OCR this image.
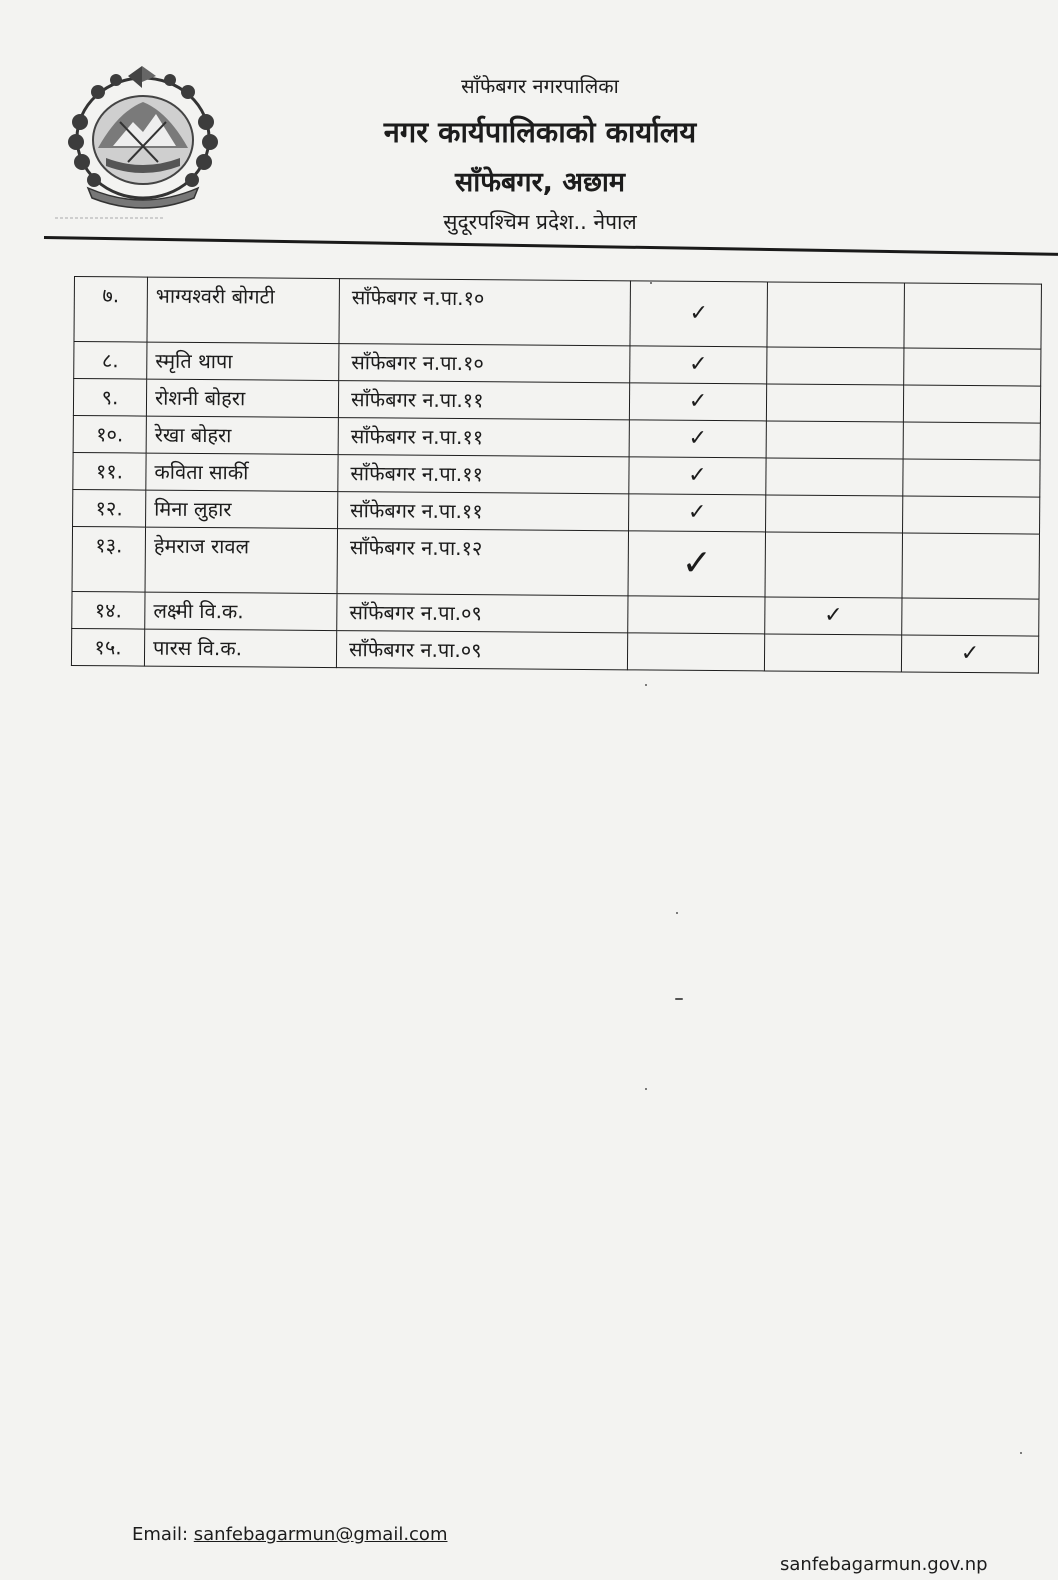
साँफेबगर नगरपालिका
नगर कार्यपालिकाको कार्यालय
साँफेबगर, अछाम
सुदूरपश्चिम प्रदेश.. नेपाल
७.	भाग्यश्वरी बोगटी	साँफेबगर न.पा.१०	✓		
८.	स्मृति थापा	साँफेबगर न.पा.१०	✓		
९.	रोशनी बोहरा	साँफेबगर न.पा.११	✓		
१०.	रेखा बोहरा	साँफेबगर न.पा.११	✓		
११.	कविता सार्की	साँफेबगर न.पा.११	✓		
१२.	मिना लुहार	साँफेबगर न.पा.११	✓		
१३.	हेमराज रावल	साँफेबगर न.पा.१२	✓		
१४.	लक्ष्मी वि.क.	साँफेबगर न.पा.०९		✓	
१५.	पारस वि.क.	साँफेबगर न.पा.०९			✓
Email: sanfebagarmun@gmail.com
sanfebagarmun.gov.np
